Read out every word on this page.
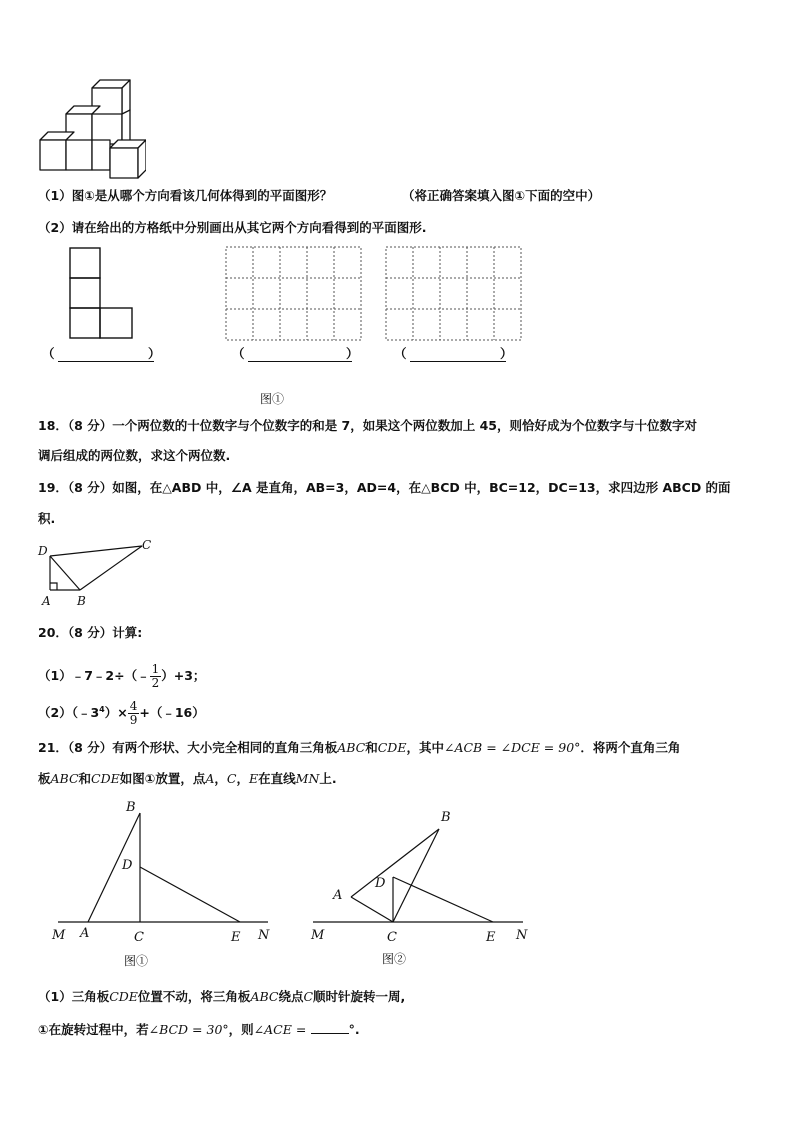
（1）图①是从哪个方向看该几何体得到的平面图形？	（将正确答案填入图①下面的空中）
（2）请在给出的方格纸中分别画出从其它两个方向看得到的平面图形.
（	）	（	）	（	）
图①
18．（8 分）一个两位数的十位数字与个位数字的和是 7，如果这个两位数加上 45，则恰好成为个位数字与十位数字对
调后组成的两位数，求这个两位数.
19．（8 分）如图，在△ABD 中，∠A 是直角，AB=3，AD=4，在△BCD 中，BC=12，DC=13，求四边形 ABCD 的面
积.
D	C
A B
20．（8 分）计算:
（1）﹣7﹣2÷（﹣ $\frac{1}{2} )+3$；
$(2)(﹣3^4)\times \frac{4}{9}$ +（﹣16）
21．（8 分）有两个形状、大小完全相同的直角三角板ABC和CDE，其中∠ACB = ∠DCE = 90°．将两个直角三角
板ABC和CDE如图①放置，点A，C，E在直线MN上.
B
D
M A	C	E N
图①
B
D
A
M	C	E N
图②
（1）三角板CDE位置不动，将三角板ABC绕点C顺时针旋转一周,
①在旋转过程中，若∠BCD = 30°，则∠ACE =	°.
